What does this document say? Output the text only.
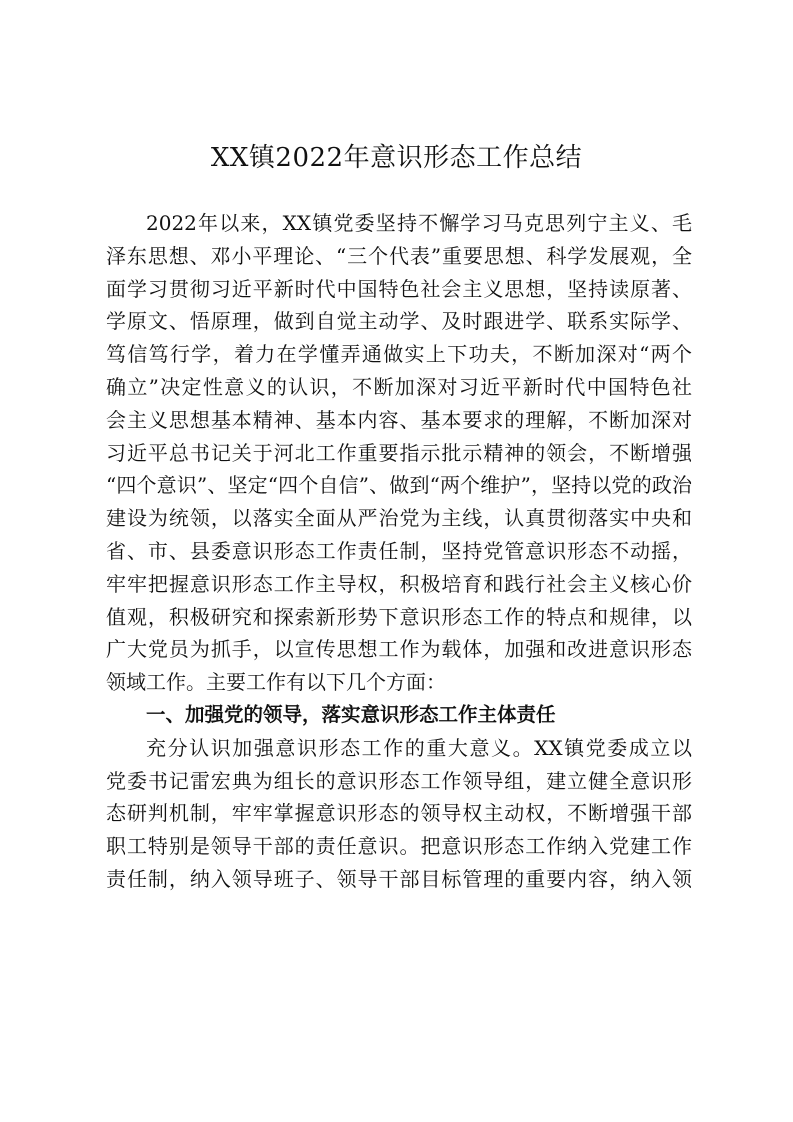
XX镇2022年意识形态工作总结
2022年以来，XX镇党委坚持不懈学习马克思列宁主义、毛
泽东思想、邓小平理论、“三个代表”重要思想、科学发展观，全
面学习贯彻习近平新时代中国特色社会主义思想，坚持读原著、
学原文、悟原理，做到自觉主动学、及时跟进学、联系实际学、
笃信笃行学，着力在学懂弄通做实上下功夫，不断加深对“两个
确立”决定性意义的认识，不断加深对习近平新时代中国特色社
会主义思想基本精神、基本内容、基本要求的理解，不断加深对
习近平总书记关于河北工作重要指示批示精神的领会，不断增强
“四个意识”、坚定“四个自信”、做到“两个维护”，坚持以党的政治
建设为统领，以落实全面从严治党为主线，认真贯彻落实中央和
省、市、县委意识形态工作责任制，坚持党管意识形态不动摇，
牢牢把握意识形态工作主导权，积极培育和践行社会主义核心价
值观，积极研究和探索新形势下意识形态工作的特点和规律，以
广大党员为抓手，以宣传思想工作为载体，加强和改进意识形态
领域工作。主要工作有以下几个方面：
一、加强党的领导，落实意识形态工作主体责任
充分认识加强意识形态工作的重大意义。XX镇党委成立以
党委书记雷宏典为组长的意识形态工作领导组，建立健全意识形
态研判机制，牢牢掌握意识形态的领导权主动权，不断增强干部
职工特别是领导干部的责任意识。把意识形态工作纳入党建工作
责任制，纳入领导班子、领导干部目标管理的重要内容，纳入领
